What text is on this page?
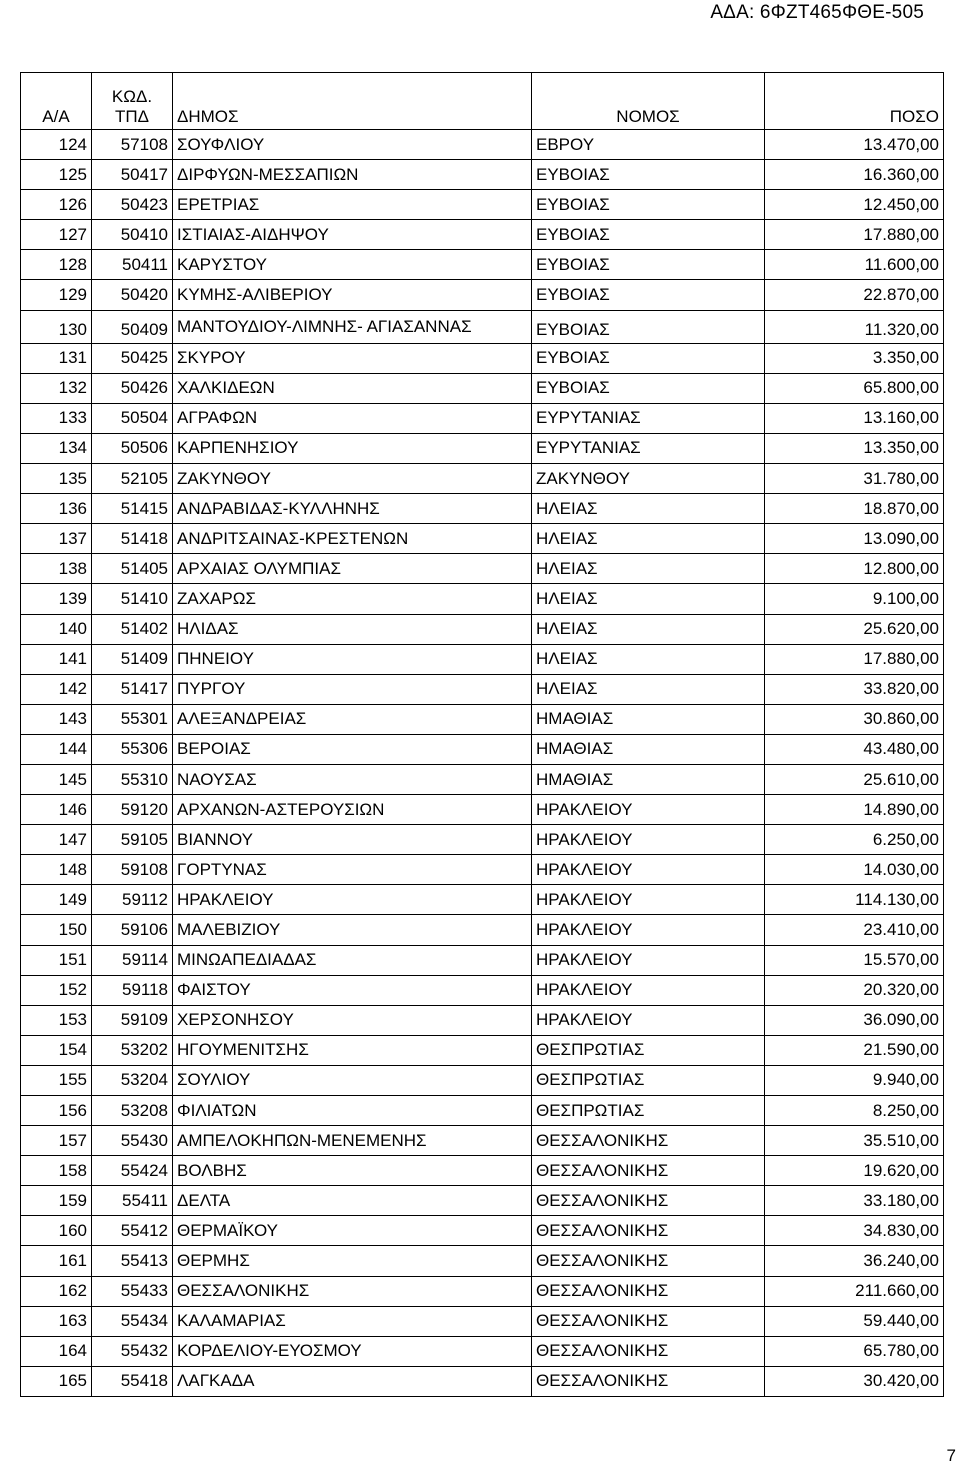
ΑΔΑ: 6ΦΖΤ465ΦΘΕ-505
Α/Α	ΚΩΔ.
ΤΠΔ	ΔΗΜΟΣ	ΝΟΜΟΣ	ΠΟΣΟ
124	57108	ΣΟΥΦΛΙΟΥ	ΕΒΡΟΥ	13.470,00
125	50417	ΔΙΡΦΥΩΝ-ΜΕΣΣΑΠΙΩΝ	ΕΥΒΟΙΑΣ	16.360,00
126	50423	ΕΡΕΤΡΙΑΣ	ΕΥΒΟΙΑΣ	12.450,00
127	50410	ΙΣΤΙΑΙΑΣ-ΑΙΔΗΨΟΥ	ΕΥΒΟΙΑΣ	17.880,00
128	50411	ΚΑΡΥΣΤΟΥ	ΕΥΒΟΙΑΣ	11.600,00
129	50420	ΚΥΜΗΣ-ΑΛΙΒΕΡΙΟΥ	ΕΥΒΟΙΑΣ	22.870,00
130	50409	ΜΑΝΤΟΥΔΙΟΥ-ΛΙΜΝΗΣ- ΑΓΙΑΣΑΝΝΑΣ	ΕΥΒΟΙΑΣ	11.320,00
131	50425	ΣΚΥΡΟΥ	ΕΥΒΟΙΑΣ	3.350,00
132	50426	ΧΑΛΚΙΔΕΩΝ	ΕΥΒΟΙΑΣ	65.800,00
133	50504	ΑΓΡΑΦΩΝ	ΕΥΡΥΤΑΝΙΑΣ	13.160,00
134	50506	ΚΑΡΠΕΝΗΣΙΟΥ	ΕΥΡΥΤΑΝΙΑΣ	13.350,00
135	52105	ΖΑΚΥΝΘΟΥ	ΖΑΚΥΝΘΟΥ	31.780,00
136	51415	ΑΝΔΡΑΒΙΔΑΣ-ΚΥΛΛΗΝΗΣ	ΗΛΕΙΑΣ	18.870,00
137	51418	ΑΝΔΡΙΤΣΑΙΝΑΣ-ΚΡΕΣΤΕΝΩΝ	ΗΛΕΙΑΣ	13.090,00
138	51405	ΑΡΧΑΙΑΣ ΟΛΥΜΠΙΑΣ	ΗΛΕΙΑΣ	12.800,00
139	51410	ΖΑΧΑΡΩΣ	ΗΛΕΙΑΣ	9.100,00
140	51402	ΗΛΙΔΑΣ	ΗΛΕΙΑΣ	25.620,00
141	51409	ΠΗΝΕΙΟΥ	ΗΛΕΙΑΣ	17.880,00
142	51417	ΠΥΡΓΟΥ	ΗΛΕΙΑΣ	33.820,00
143	55301	ΑΛΕΞΑΝΔΡΕΙΑΣ	ΗΜΑΘΙΑΣ	30.860,00
144	55306	ΒΕΡΟΙΑΣ	ΗΜΑΘΙΑΣ	43.480,00
145	55310	ΝΑΟΥΣΑΣ	ΗΜΑΘΙΑΣ	25.610,00
146	59120	ΑΡΧΑΝΩΝ-ΑΣΤΕΡΟΥΣΙΩΝ	ΗΡΑΚΛΕΙΟΥ	14.890,00
147	59105	ΒΙΑΝΝΟΥ	ΗΡΑΚΛΕΙΟΥ	6.250,00
148	59108	ΓΟΡΤΥΝΑΣ	ΗΡΑΚΛΕΙΟΥ	14.030,00
149	59112	ΗΡΑΚΛΕΙΟΥ	ΗΡΑΚΛΕΙΟΥ	114.130,00
150	59106	ΜΑΛΕΒΙΖΙΟΥ	ΗΡΑΚΛΕΙΟΥ	23.410,00
151	59114	ΜΙΝΩΑΠΕΔΙΑΔΑΣ	ΗΡΑΚΛΕΙΟΥ	15.570,00
152	59118	ΦΑΙΣΤΟΥ	ΗΡΑΚΛΕΙΟΥ	20.320,00
153	59109	ΧΕΡΣΟΝΗΣΟΥ	ΗΡΑΚΛΕΙΟΥ	36.090,00
154	53202	ΗΓΟΥΜΕΝΙΤΣΗΣ	ΘΕΣΠΡΩΤΙΑΣ	21.590,00
155	53204	ΣΟΥΛΙΟΥ	ΘΕΣΠΡΩΤΙΑΣ	9.940,00
156	53208	ΦΙΛΙΑΤΩΝ	ΘΕΣΠΡΩΤΙΑΣ	8.250,00
157	55430	ΑΜΠΕΛΟΚΗΠΩΝ-ΜΕΝΕΜΕΝΗΣ	ΘΕΣΣΑΛΟΝΙΚΗΣ	35.510,00
158	55424	ΒΟΛΒΗΣ	ΘΕΣΣΑΛΟΝΙΚΗΣ	19.620,00
159	55411	ΔΕΛΤΑ	ΘΕΣΣΑΛΟΝΙΚΗΣ	33.180,00
160	55412	ΘΕΡΜΑΪΚΟΥ	ΘΕΣΣΑΛΟΝΙΚΗΣ	34.830,00
161	55413	ΘΕΡΜΗΣ	ΘΕΣΣΑΛΟΝΙΚΗΣ	36.240,00
162	55433	ΘΕΣΣΑΛΟΝΙΚΗΣ	ΘΕΣΣΑΛΟΝΙΚΗΣ	211.660,00
163	55434	ΚΑΛΑΜΑΡΙΑΣ	ΘΕΣΣΑΛΟΝΙΚΗΣ	59.440,00
164	55432	ΚΟΡΔΕΛΙΟΥ-ΕΥΟΣΜΟΥ	ΘΕΣΣΑΛΟΝΙΚΗΣ	65.780,00
165	55418	ΛΑΓΚΑΔΑ	ΘΕΣΣΑΛΟΝΙΚΗΣ	30.420,00
7
